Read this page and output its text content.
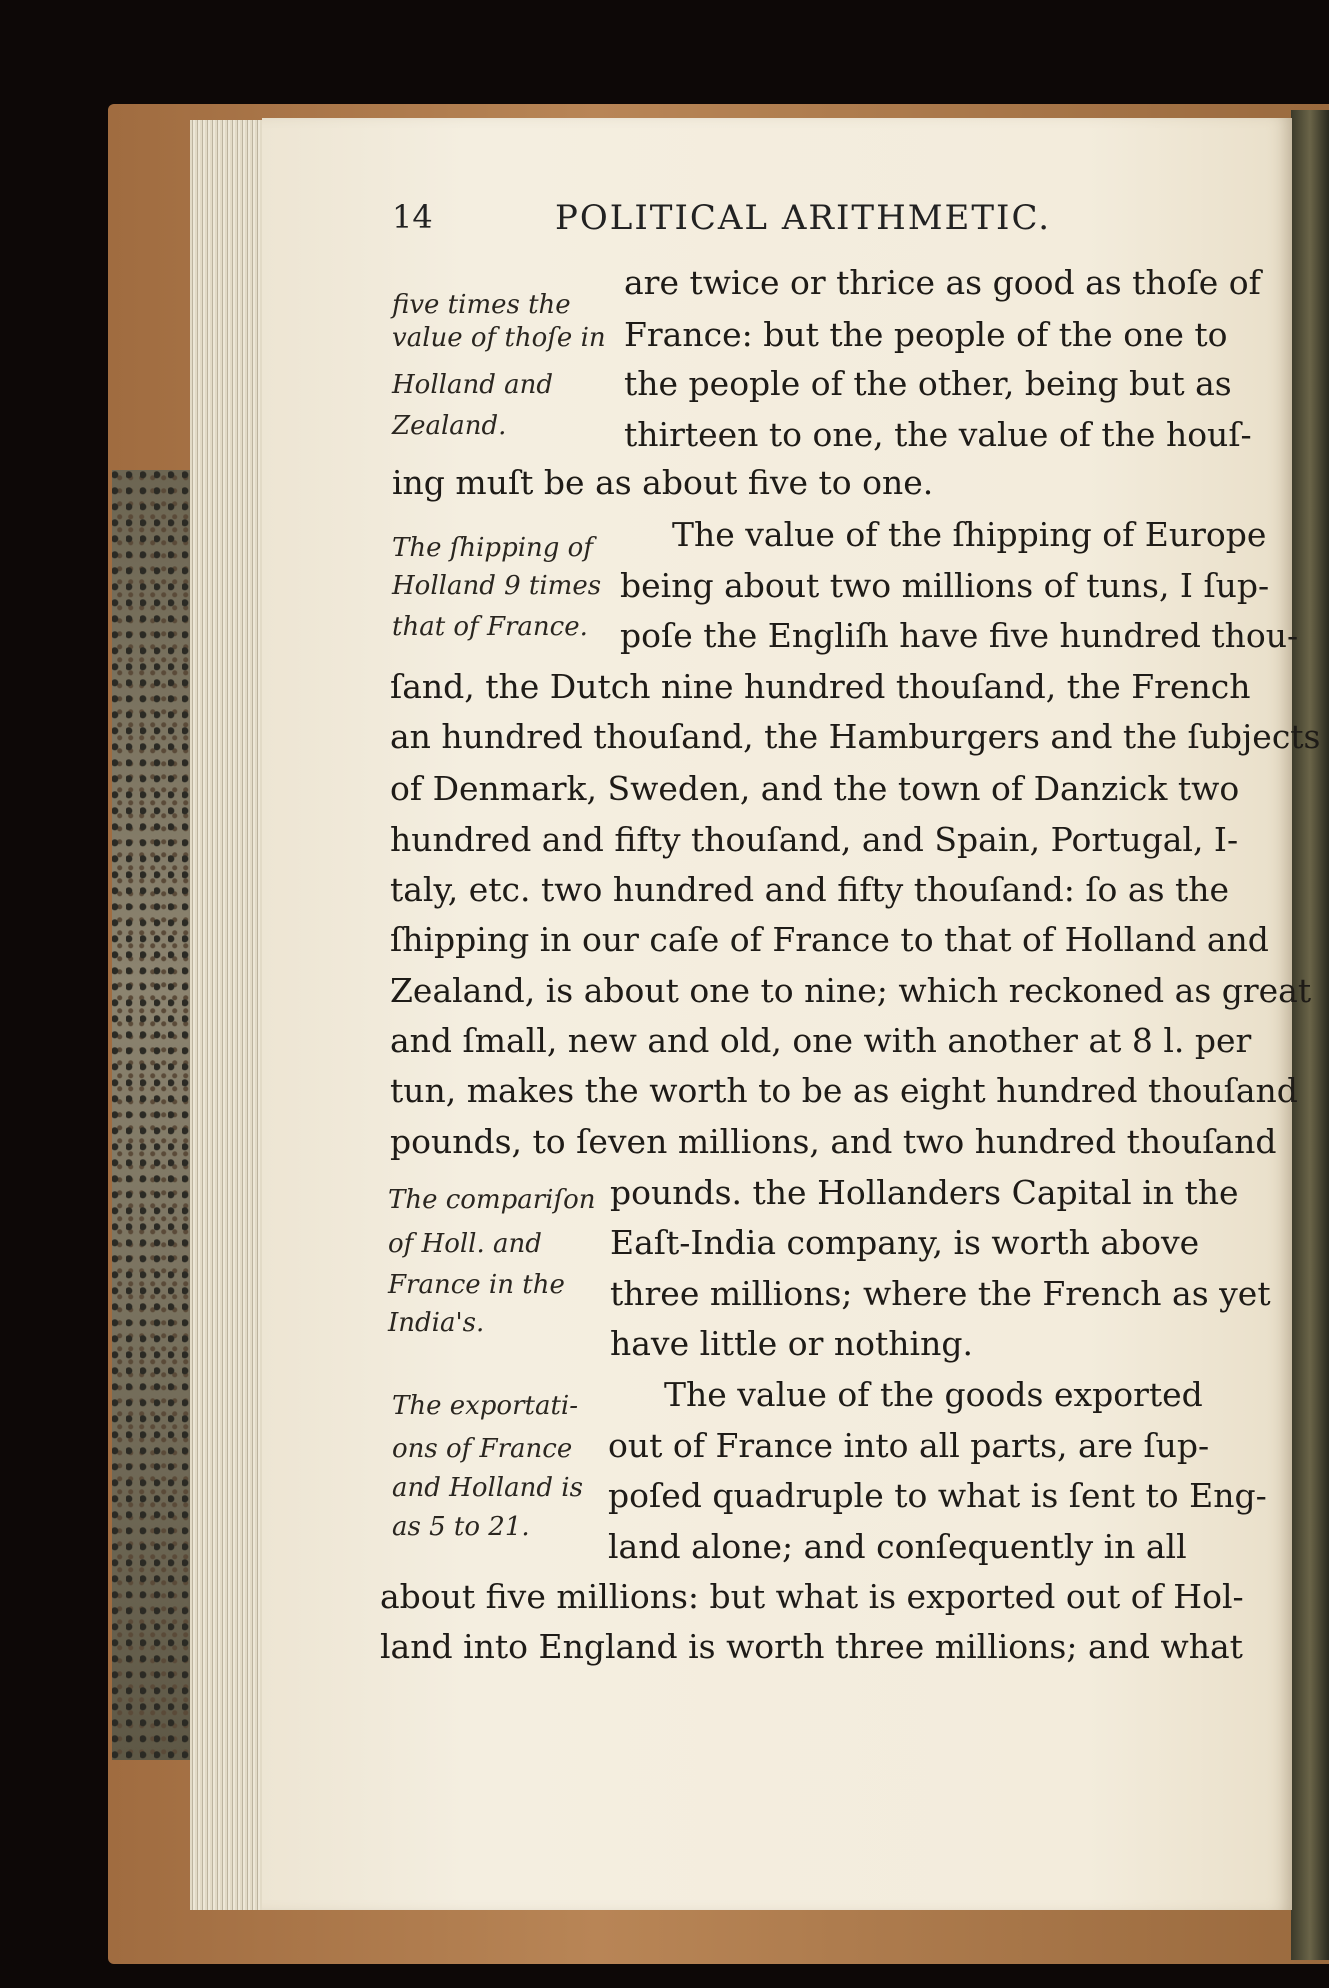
14	POLITICAL ARITHMETIC.
five times the
value of thoſe in
Holland and
Zealand.
The ſhipping of
Holland 9 times
that of France.
The compariſon
of Holl. and
France in the
India's.
The exportati-
ons of France
and Holland is
as 5 to 21.
are twice or thrice as good as thoſe of
France: but the people of the one to
the people of the other, being but as
thirteen to one, the value of the houſ-
ing muſt be as about five to one.
The value of the ſhipping of Europe
being about two millions of tuns, I ſup-
poſe the Engliſh have five hundred thou-
ſand, the Dutch nine hundred thouſand, the French
an hundred thouſand, the Hamburgers and the ſubjects
of Denmark, Sweden, and the town of Danzick two
hundred and fifty thouſand, and Spain, Portugal, I-
taly, etc. two hundred and fifty thouſand: ſo as the
ſhipping in our caſe of France to that of Holland and
Zealand, is about one to nine; which reckoned as great
and ſmall, new and old, one with another at 8 l. per
tun, makes the worth to be as eight hundred thouſand
pounds, to ſeven millions, and two hundred thouſand
pounds. the Hollanders Capital in the
Eaſt-India company, is worth above
three millions; where the French as yet
have little or nothing.
The value of the goods exported
out of France into all parts, are ſup-
poſed quadruple to what is ſent to Eng-
land alone; and conſequently in all
about five millions: but what is exported out of Hol-
land into England is worth three millions; and what
